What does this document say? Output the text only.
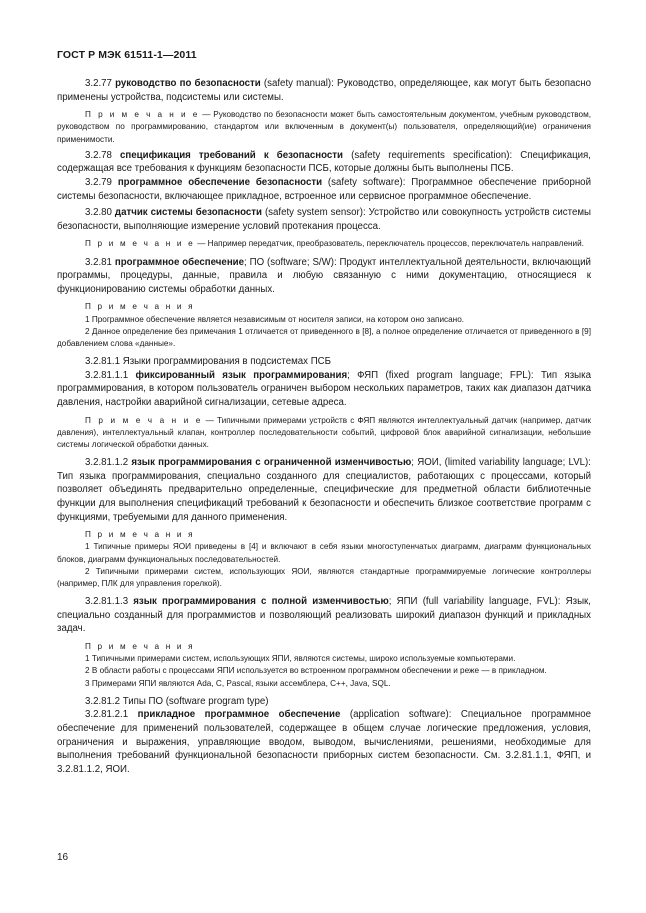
ГОСТ Р МЭК 61511-1—2011

3.2.77 руководство по безопасности (safety manual): Руководство, определяющее, как могут быть безопасно применены устройства, подсистемы или системы.

П р и м е ч а н и е — Руководство по безопасности может быть самостоятельным документом, учебным руководством, руководством по программированию, стандартом или включенным в документ(ы) пользователя, определяющий(ие) ограничения применимости.

3.2.78 спецификация требований к безопасности (safety requirements specification): Спецификация, содержащая все требования к функциям безопасности ПСБ, которые должны быть выполнены ПСБ.

3.2.79 программное обеспечение безопасности (safety software): Программное обеспечение приборной системы безопасности, включающее прикладное, встроенное или сервисное программное обеспечение.

3.2.80 датчик системы безопасности (safety system sensor): Устройство или совокупность устройств системы безопасности, выполняющие измерение условий протекания процесса.

П р и м е ч а н и е — Например передатчик, преобразователь, переключатель процессов, переключатель направлений.

3.2.81 программное обеспечение; ПО (software; S/W): Продукт интеллектуальной деятельности, включающий программы, процедуры, данные, правила и любую связанную с ними документацию, относящиеся к функционированию системы обработки данных.

П р и м е ч а н и я

1 Программное обеспечение является независимым от носителя записи, на котором оно записано.

2 Данное определение без примечания 1 отличается от приведенного в [8], а полное определение отличается от приведенного в [9] добавлением слова «данные».

3.2.81.1 Языки программирования в подсистемах ПСБ

3.2.81.1.1 фиксированный язык программирования; ФЯП (fixed program language; FPL): Тип языка программирования, в котором пользователь ограничен выбором нескольких параметров, таких как диапазон датчика давления, настройки аварийной сигнализации, сетевые адреса.

П р и м е ч а н и е — Типичными примерами устройств с ФЯП являются интеллектуальный датчик (например, датчик давления), интеллектуальный клапан, контроллер последовательности событий, цифровой блок аварийной сигнализации, небольшие системы логической обработки данных.

3.2.81.1.2 язык программирования с ограниченной изменчивостью; ЯОИ, (limited variability language; LVL): Тип языка программирования, специально созданного для специалистов, работающих с процессами, который позволяет объединять предварительно определенные, специфические для предметной области библиотечные функции для выполнения спецификаций требований к безопасности и обеспечить близкое соответствие программ с функциями, требуемыми для данного применения.

П р и м е ч а н и я

1 Типичные примеры ЯОИ приведены в [4] и включают в себя языки многоступенчатых диаграмм, диаграмм функциональных блоков, диаграмм функциональных последовательностей.

2 Типичными примерами систем, использующих ЯОИ, являются стандартные программируемые логические контроллеры (например, ПЛК для управления горелкой).

3.2.81.1.3 язык программирования с полной изменчивостью; ЯПИ (full variability language, FVL): Язык, специально созданный для программистов и позволяющий реализовать широкий диапазон функций и прикладных задач.

П р и м е ч а н и я

1 Типичными примерами систем, использующих ЯПИ, являются системы, широко используемые компьютерами.

2 В области работы с процессами ЯПИ используется во встроенном программном обеспечении и реже — в прикладном.

3 Примерами ЯПИ являются Ada, C, Pascal, языки ассемблера, C++, Java, SQL.

3.2.81.2 Типы ПО (software program type)

3.2.81.2.1 прикладное программное обеспечение (application software): Специальное программное обеспечение для применений пользователей, содержащее в общем случае логические предложения, условия, ограничения и выражения, управляющие вводом, выводом, вычислениями, решениями, необходимые для выполнения требований функциональной безопасности приборных систем безопасности. См. 3.2.81.1.1, ФЯП, и 3.2.81.1.2, ЯОИ.

16
